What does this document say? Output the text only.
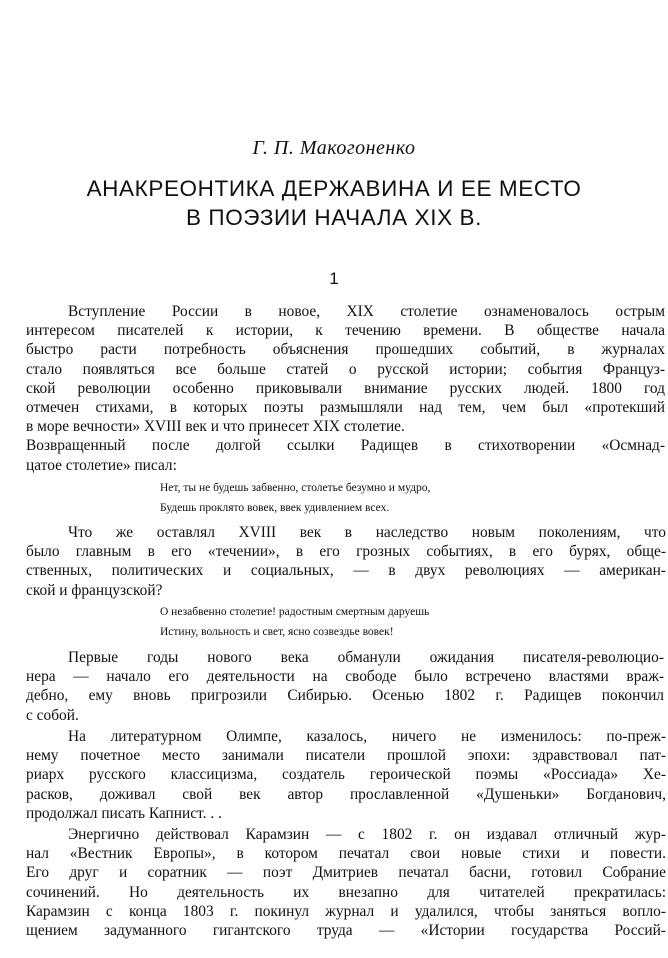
Г. П. Макогоненко
АНАКРЕОНТИКА ДЕРЖАВИНА И ЕЕ МЕСТО
В ПОЭЗИИ НАЧАЛА XIX В.
1
Вступление России в новое, XIX столетие ознаменовалось острым
интересом писателей к истории, к течению времени. В обществе начала
быстро расти потребность объяснения прошедших событий, в журналах
стало появляться все больше статей о русской истории; события Француз-
ской революции особенно приковывали внимание русских людей. 1800 год
отмечен стихами, в которых поэты размышляли над тем, чем был «протекший
в море вечности» XVIII век и что принесет XIX столетие.
Возвращенный после долгой ссылки Радищев в стихотворении «Осмнад-
цатое столетие» писал:
Нет, ты не будешь забвенно, столетье безумно и мудро,
Будешь проклято вовек, ввек удивлением всех.
Что же оставлял XVIII век в наследство новым поколениям, что
было главным в его «течении», в его грозных событиях, в его бурях, обще-
ственных, политических и социальных, — в двух революциях — американ-
ской и французской?
О незабвенно столетие! радостным смертным даруешь
Истину, вольность и свет, ясно созвездье вовек!
Первые годы нового века обманули ожидания писателя-революцио-
нера — начало его деятельности на свободе было встречено властями враж-
дебно, ему вновь пригрозили Сибирью. Осенью 1802 г. Радищев покончил
с собой.
На литературном Олимпе, казалось, ничего не изменилось: по-преж-
нему почетное место занимали писатели прошлой эпохи: здравствовал пат-
риарх русского классицизма, создатель героической поэмы «Россиада» Хе-
расков, доживал свой век автор прославленной «Душеньки» Богданович,
продолжал писать Капнист. . .
Энергично действовал Карамзин — с 1802 г. он издавал отличный жур-
нал «Вестник Европы», в котором печатал свои новые стихи и повести.
Его друг и соратник — поэт Дмитриев печатал басни, готовил Собрание
сочинений. Но деятельность их внезапно для читателей прекратилась:
Карамзин с конца 1803 г. покинул журнал и удалился, чтобы заняться вопло-
щением задуманного гигантского труда — «Истории государства Россий-
